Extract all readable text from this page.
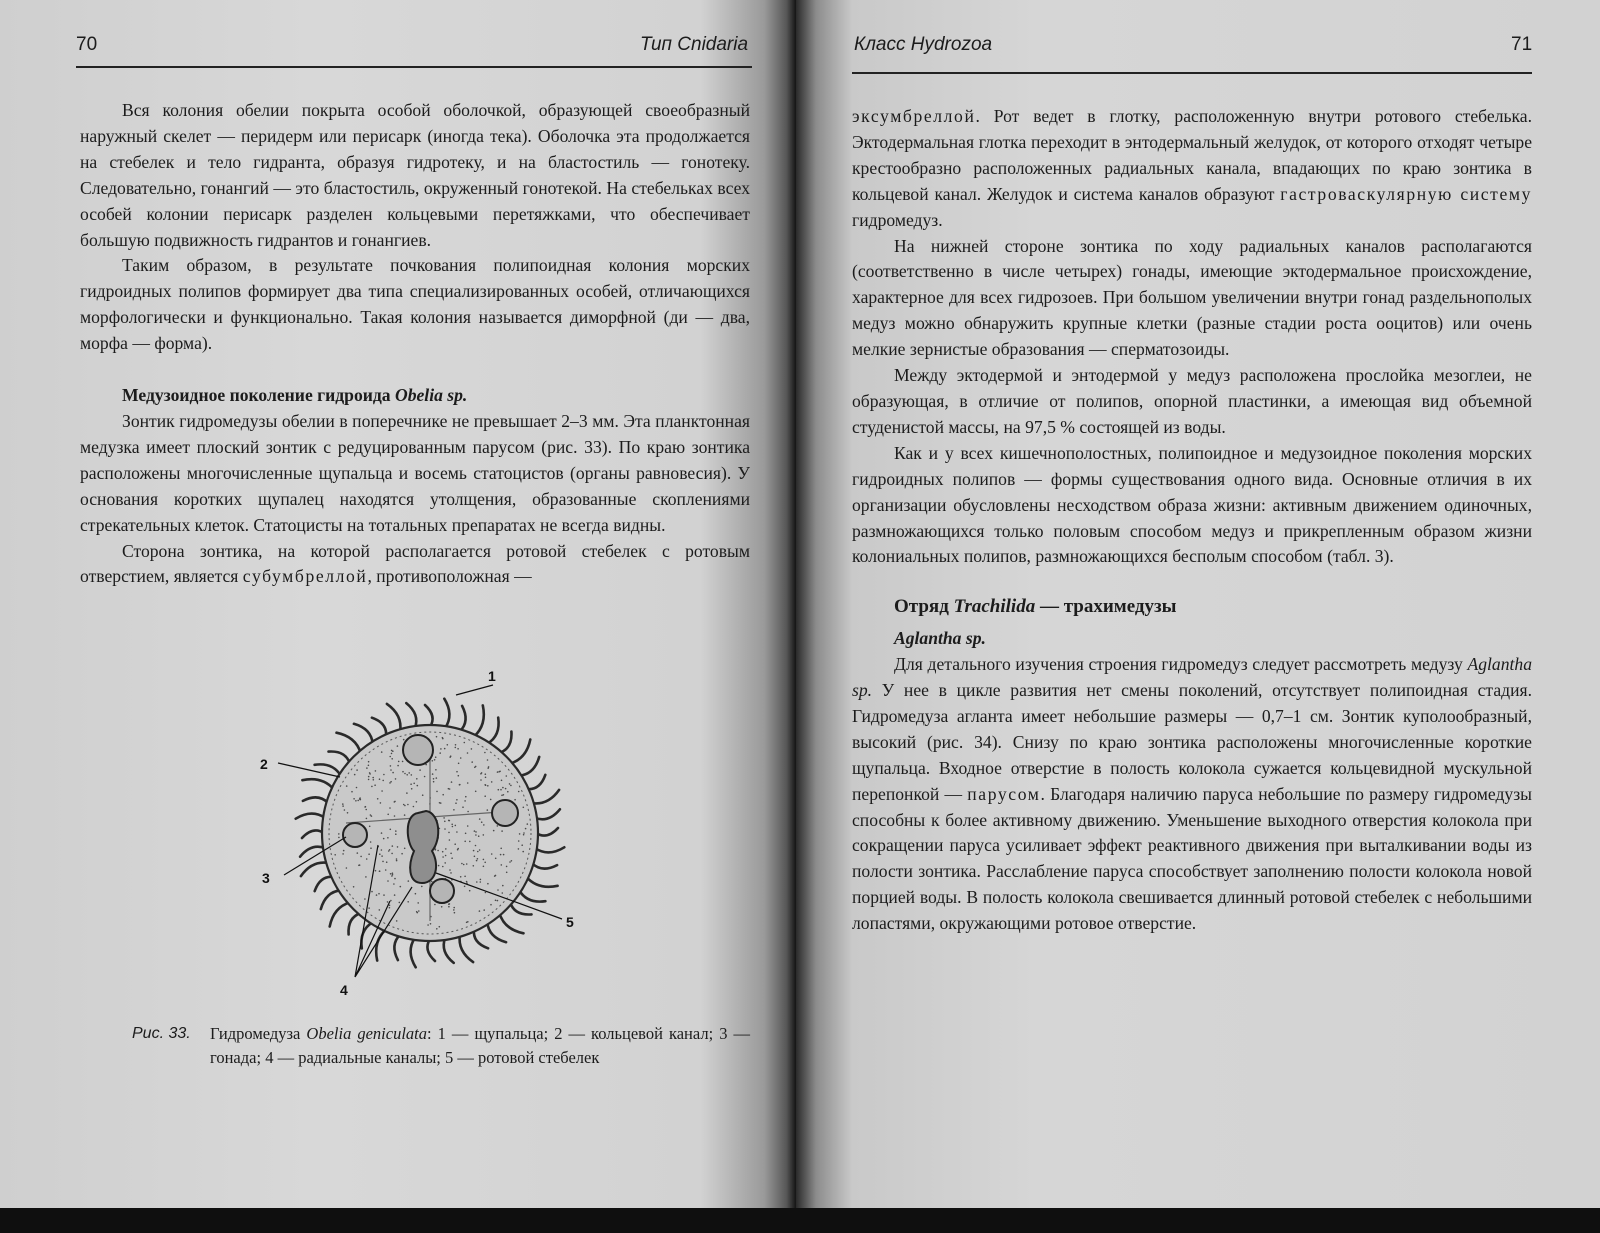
70	Тип Cnidaria

Вся колония обелии покрыта особой оболочкой, образующей своеобразный наружный скелет — перидерм или перисарк (иногда тека). Оболочка эта продолжается на стебелек и тело гидранта, образуя гидротеку, и на бластостиль — гонотеку. Следовательно, гонангий — это бластостиль, окруженный гонотекой. На стебельках всех особей колонии перисарк разделен кольцевыми перетяжками, что обеспечивает большую подвижность гидрантов и гонангиев.

Таким образом, в результате почкования полипоидная колония морских гидроидных полипов формирует два типа специализированных особей, отличающихся морфологически и функционально. Такая колония называется диморфной (ди — два, морфа — форма).

Медузоидное поколение гидроида Obelia sp.

Зонтик гидромедузы обелии в поперечнике не превышает 2–3 мм. Эта планктонная медузка имеет плоский зонтик с редуцированным парусом (рис. 33). По краю зонтика расположены многочисленные щупальца и восемь статоцистов (органы равновесия). У основания коротких щупалец находятся утолщения, образованные скоплениями стрекательных клеток. Статоцисты на тотальных препаратах не всегда видны.

Сторона зонтика, на которой располагается ротовой стебелек с ротовым отверстием, является субумбреллой, противоположная —

1
2
3
4
5
Рис. 33. Гидромедуза Obelia geniculata: 1 — щупальца; 2 — кольцевой канал; 3 — гонада; 4 — радиальные каналы; 5 — ротовой стебелек
Класс Hydrozoa	71

эксумбреллой. Рот ведет в глотку, расположенную внутри ротового стебелька. Эктодермальная глотка переходит в энтодермальный желудок, от которого отходят четыре крестообразно расположенных радиальных канала, впадающих по краю зонтика в кольцевой канал. Желудок и система каналов образуют гастроваскулярную систему гидромедуз.

На нижней стороне зонтика по ходу радиальных каналов располагаются (соответственно в числе четырех) гонады, имеющие эктодермальное происхождение, характерное для всех гидрозоев. При большом увеличении внутри гонад раздельнополых медуз можно обнаружить крупные клетки (разные стадии роста ооцитов) или очень мелкие зернистые образования — сперматозоиды.

Между эктодермой и энтодермой у медуз расположена прослойка мезоглеи, не образующая, в отличие от полипов, опорной пластинки, а имеющая вид объемной студенистой массы, на 97,5 % состоящей из воды.

Как и у всех кишечнополостных, полипоидное и медузоидное поколения морских гидроидных полипов — формы существования одного вида. Основные отличия в их организации обусловлены несходством образа жизни: активным движением одиночных, размножающихся только половым способом медуз и прикрепленным образом жизни колониальных полипов, размножающихся бесполым способом (табл. 3).

Отряд Trachilida — трахимедузы

Aglantha sp.

Для детального изучения строения гидромедуз следует рассмотреть медузу Aglantha sp. У нее в цикле развития нет смены поколений, отсутствует полипоидная стадия. Гидромедуза агланта имеет небольшие размеры — 0,7–1 см. Зонтик куполообразный, высокий (рис. 34). Снизу по краю зонтика расположены многочисленные короткие щупальца. Входное отверстие в полость колокола сужается кольцевидной мускульной перепонкой — парусом. Благодаря наличию паруса небольшие по размеру гидромедузы способны к более активному движению. Уменьшение выходного отверстия колокола при сокращении паруса усиливает эффект реактивного движения при выталкивании воды из полости зонтика. Расслабление паруса способствует заполнению полости колокола новой порцией воды. В полость колокола свешивается длинный ротовой стебелек с небольшими лопастями, окружающими ротовое отверстие.
